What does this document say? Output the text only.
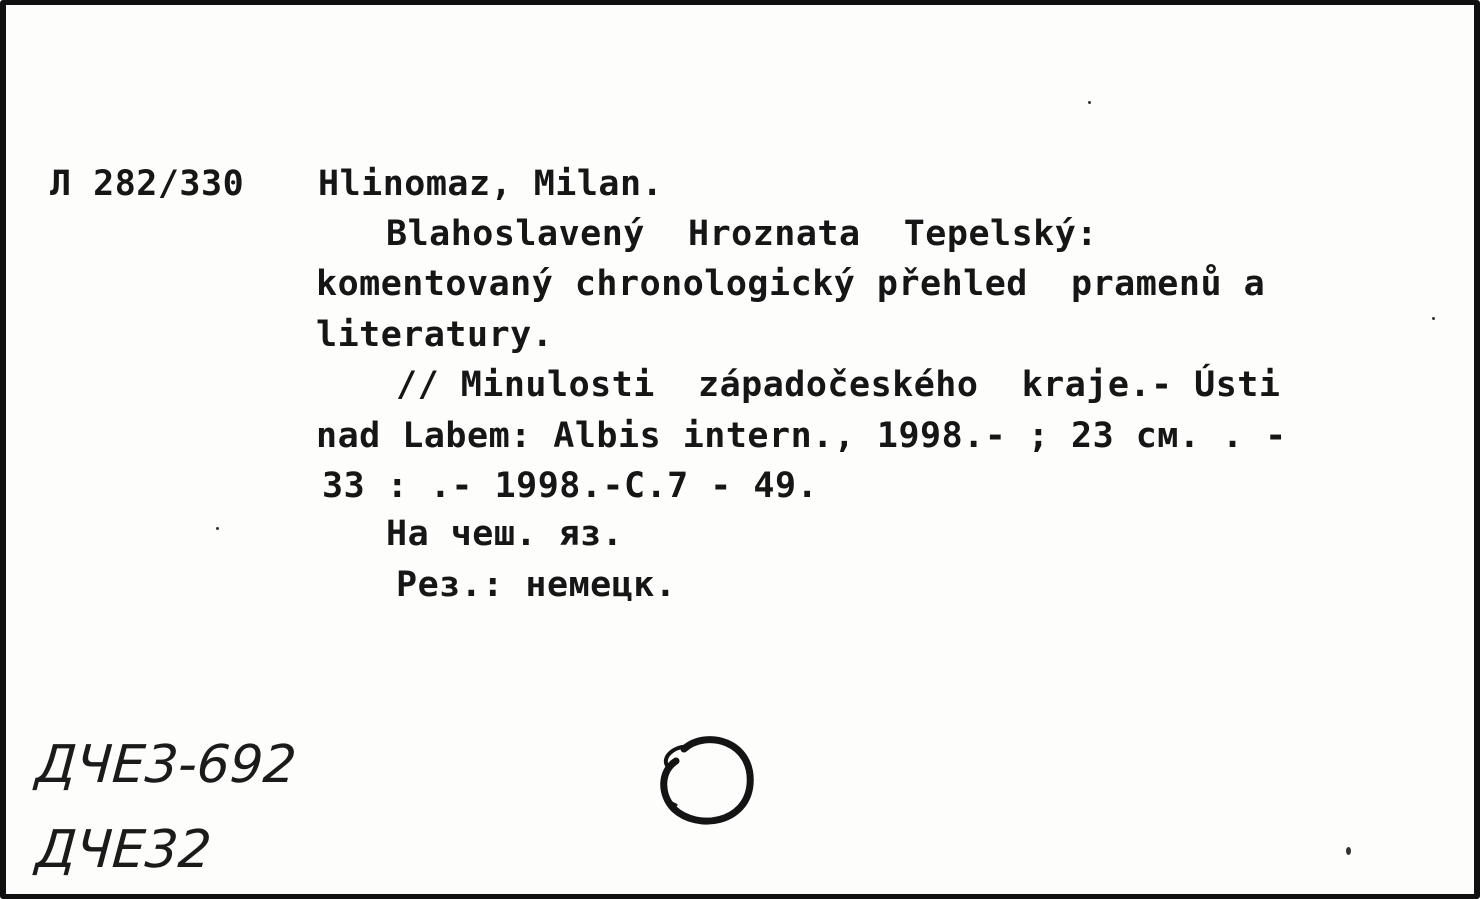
Л 282/330 Hlinomaz, Milan.
Blahoslavený  Hroznata  Tepelský:
komentovaný chronologický přehled  pramenů a
literatury.
// Minulosti  západočeského  kraje.- Ústi
nad Labem: Albis intern., 1998.- ; 23 см. . -
33 : .- 1998.-С.7 - 49.
На чеш. яз.
Рез.: немецк.
ДЧЕ3-692
ДЧЕ32
